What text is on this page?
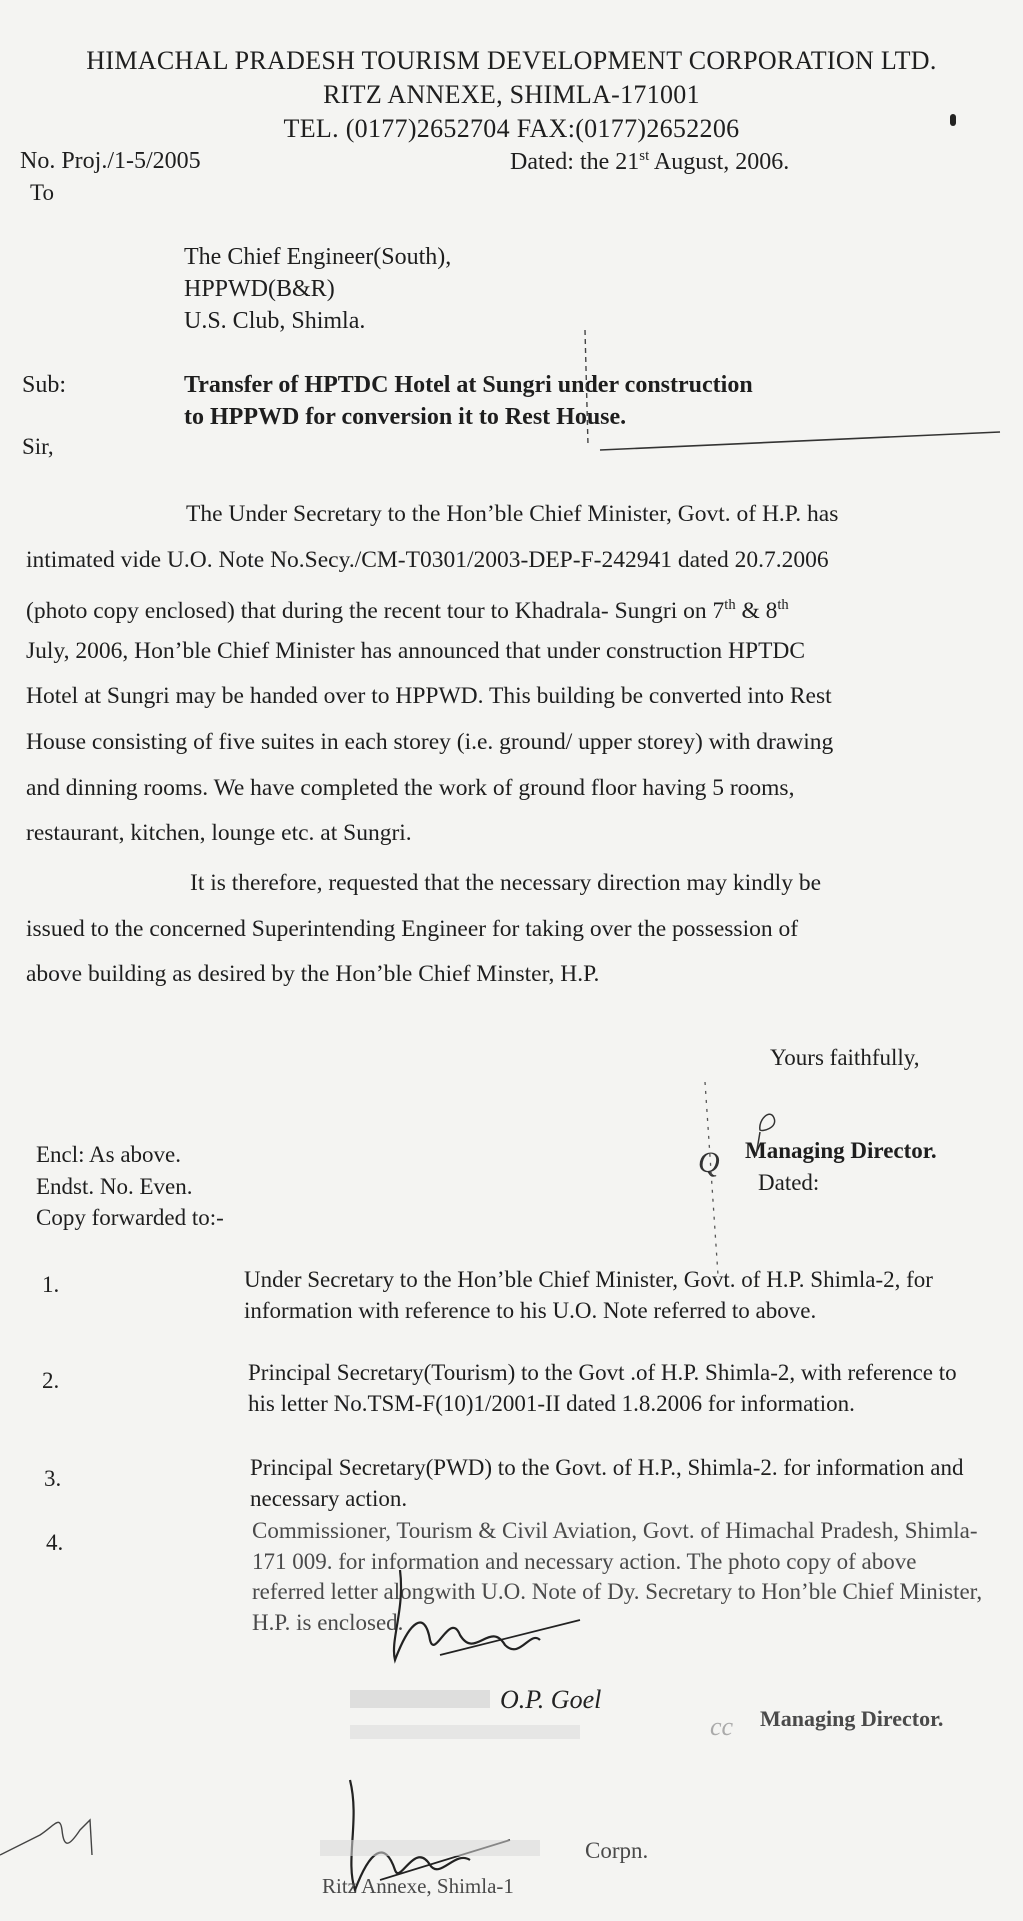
HIMACHAL PRADESH TOURISM DEVELOPMENT CORPORATION LTD.
RITZ ANNEXE, SHIMLA-171001
TEL. (0177)2652704 FAX:(0177)2652206
No. Proj./1-5/2005	Dated: the 21st August, 2006.
To
The Chief Engineer(South),
HPPWD(B&R)
U.S. Club, Shimla.
Sub:	Transfer of HPTDC Hotel at Sungri under construction
to HPPWD for conversion it to Rest House.
Sir,
The Under Secretary to the Hon’ble Chief Minister, Govt. of H.P. has
intimated vide U.O. Note No.Secy./CM-T0301/2003-DEP-F-242941 dated 20.7.2006
(photo copy enclosed) that during the recent tour to Khadrala- Sungri on 7th & 8th
July, 2006, Hon’ble Chief Minister has announced that under construction HPTDC
Hotel at Sungri may be handed over to HPPWD. This building be converted into Rest
House consisting of five suites in each storey (i.e. ground/ upper storey) with drawing
and dinning rooms. We have completed the work of ground floor having 5 rooms,
restaurant, kitchen, lounge etc. at Sungri.
It is therefore, requested that the necessary direction may kindly be
issued to the concerned Superintending Engineer for taking over the possession of
above building as desired by the Hon’ble Chief Minster, H.P.
Yours faithfully,
Managing Director.
Dated:
Q
Encl: As above.
Endst. No. Even.
Copy forwarded to:-
1.	Under Secretary to the Hon’ble Chief Minister, Govt. of H.P. Shimla-2, for information with reference to his U.O. Note referred to above.
2.	Principal Secretary(Tourism) to the Govt .of H.P. Shimla-2, with reference to his letter No.TSM-F(10)1/2001-II dated 1.8.2006 for information.
3.	Principal Secretary(PWD) to the Govt. of H.P., Shimla-2. for information and necessary action.
4.	Commissioner, Tourism & Civil Aviation, Govt. of Himachal Pradesh, Shimla-171 009. for information and necessary action. The photo copy of above referred letter alongwith U.O. Note of Dy. Secretary to Hon’ble Chief Minister, H.P. is enclosed.
O.P. Goel
Managing Director.
cc
Corpn.
Ritz Annexe, Shimla-1
